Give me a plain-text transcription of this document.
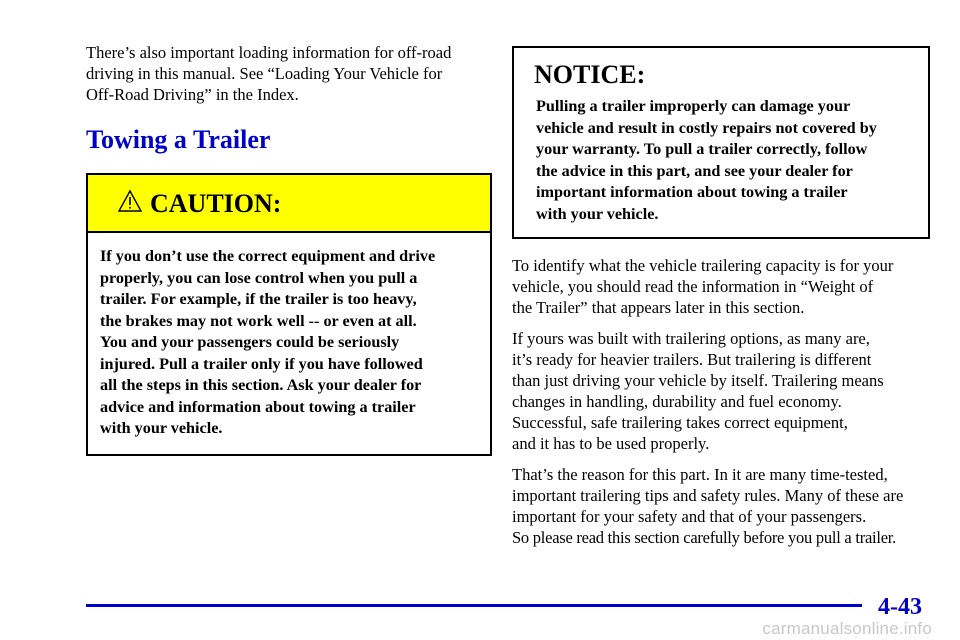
There’s also important loading information for off-road
driving in this manual. See “Loading Your Vehicle for
Off-Road Driving” in the Index.

Towing a Trailer
CAUTION:
If you don’t use the correct equipment and drive
properly, you can lose control when you pull a
trailer. For example, if the trailer is too heavy,
the brakes may not work well -- or even at all.
You and your passengers could be seriously
injured. Pull a trailer only if you have followed
all the steps in this section. Ask your dealer for
advice and information about towing a trailer
with your vehicle.
NOTICE:
Pulling a trailer improperly can damage your
vehicle and result in costly repairs not covered by
your warranty. To pull a trailer correctly, follow
the advice in this part, and see your dealer for
important information about towing a trailer
with your vehicle.

To identify what the vehicle trailering capacity is for your
vehicle, you should read the information in “Weight of
the Trailer” that appears later in this section.

If yours was built with trailering options, as many are,
it’s ready for heavier trailers. But trailering is different
than just driving your vehicle by itself. Trailering means
changes in handling, durability and fuel economy.
Successful, safe trailering takes correct equipment,
and it has to be used properly.

That’s the reason for this part. In it are many time-tested,
important trailering tips and safety rules. Many of these are
important for your safety and that of your passengers.
So please read this section carefully before you pull a trailer.

4-43
carmanualsonline.info
